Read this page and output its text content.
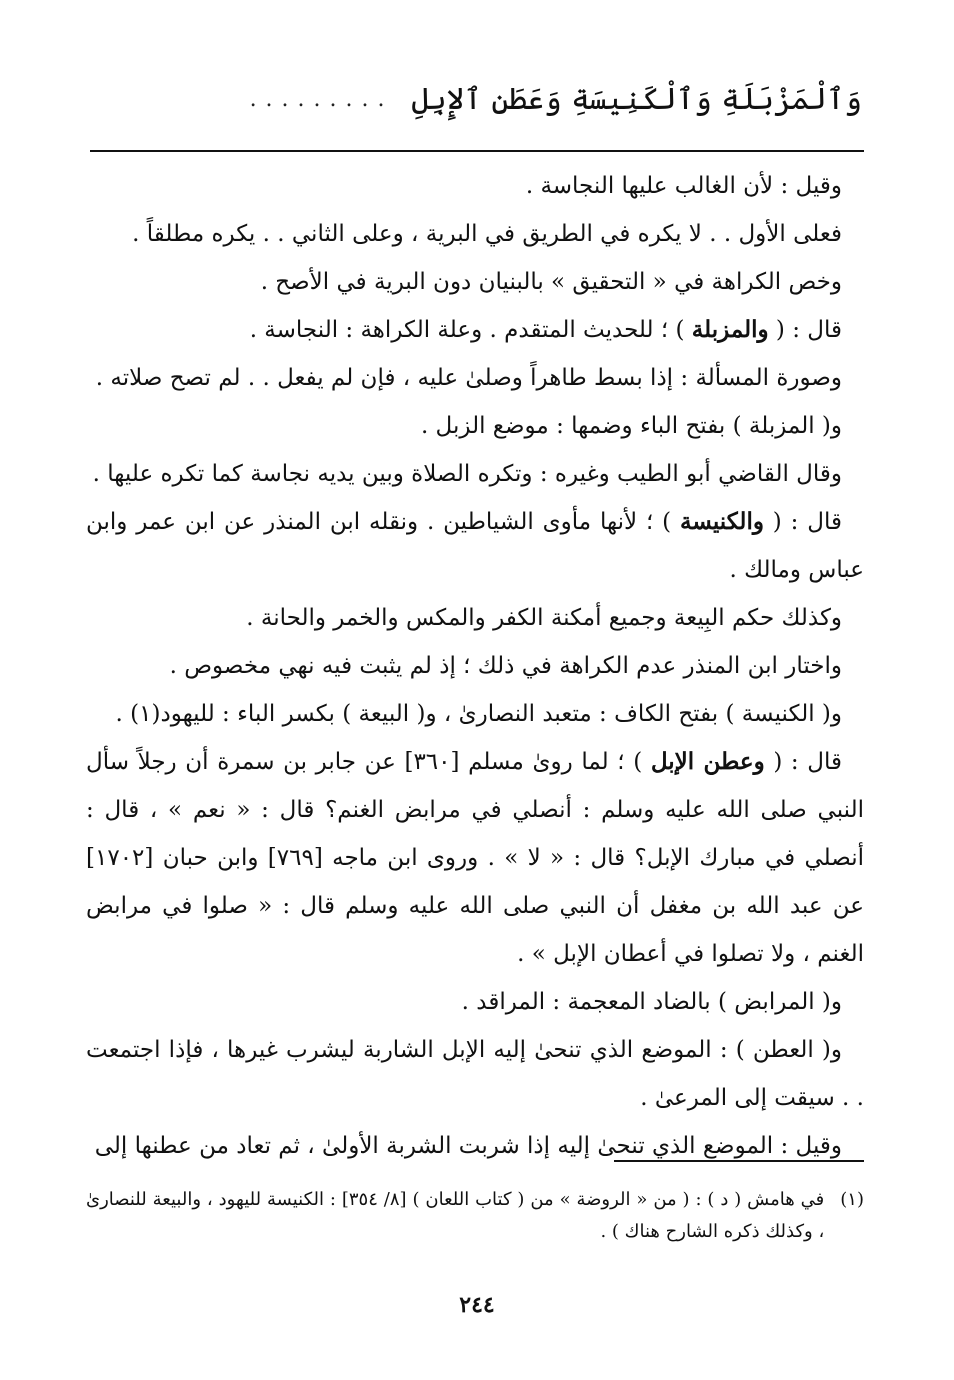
وَٱلْمَزْبَلَةِ وَٱلْكَنِيسَةِ وَعَطَنِ ٱلإِبِلِ
.........

وقيل : لأن الغالب عليها النجاسة .

فعلى الأول . . لا يكره في الطريق في البرية ، وعلى الثاني . . يكره مطلقاً .

وخص الكراهة في « التحقيق » بالبنيان دون البرية في الأصح .

قال : ( والمزبلة ) ؛ للحديث المتقدم . وعلة الكراهة : النجاسة .

وصورة المسألة : إذا بسط طاهراً وصلىٰ عليه ، فإن لم يفعل . . لم تصح صلاته .

و( المزبلة ) بفتح الباء وضمها : موضع الزبل .

وقال القاضي أبو الطيب وغيره : وتكره الصلاة وبين يديه نجاسة كما تكره عليها .

قال : ( والكنيسة ) ؛ لأنها مأوى الشياطين . ونقله ابن المنذر عن ابن عمر وابن عباس ومالك .

وكذلك حكم البِيعة وجميع أمكنة الكفر والمكس والخمر والحانة .

واختار ابن المنذر عدم الكراهة في ذلك ؛ إذ لم يثبت فيه نهي مخصوص .

و( الكنيسة ) بفتح الكاف : متعبد النصارىٰ ، و( البيعة ) بكسر الباء : لليهود(١) .

قال : ( وعطن الإبل ) ؛ لما روىٰ مسلم [٣٦٠] عن جابر بن سمرة أن رجلاً سأل النبي صلى الله عليه وسلم : أنصلي في مرابض الغنم؟ قال : « نعم » ، قال : أنصلي في مبارك الإبل؟ قال : « لا » . وروى ابن ماجه [٧٦٩] وابن حبان [١٧٠٢] عن عبد الله بن مغفل أن النبي صلى الله عليه وسلم قال : « صلوا في مرابض الغنم ، ولا تصلوا في أعطان الإبل » .

و( المرابض ) بالضاد المعجمة : المراقد .

و( العطن ) : الموضع الذي تنحىٰ إليه الإبل الشاربة ليشرب غيرها ، فإذا اجتمعت . . سيقت إلى المرعىٰ .

وقيل : الموضع الذي تنحىٰ إليه إذا شربت الشربة الأولىٰ ، ثم تعاد من عطنها إلى

(١)
في هامش ( د ) : ( من « الروضة » من ( كتاب اللعان ) [٨/ ٣٥٤] : الكنيسة لليهود ، والبيعة للنصارىٰ ، وكذلك ذكره الشارح هناك ) .
٢٤٤
